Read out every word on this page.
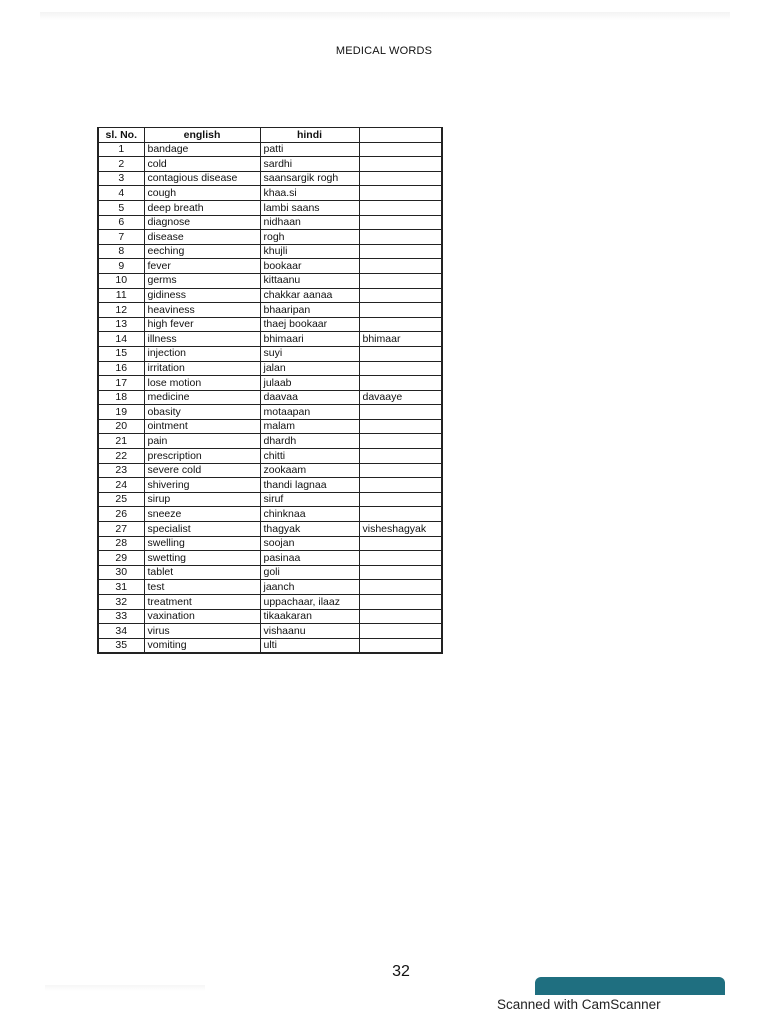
MEDICAL WORDS
sl. No.	english	hindi	
1	bandage	patti	
2	cold	sardhi	
3	contagious disease	saansargik rogh	
4	cough	khaa.si	
5	deep breath	lambi saans	
6	diagnose	nidhaan	
7	disease	rogh	
8	eeching	khujli	
9	fever	bookaar	
10	germs	kittaanu	
11	gidiness	chakkar aanaa	
12	heaviness	bhaaripan	
13	high fever	thaej bookaar	
14	illness	bhimaari	bhimaar
15	injection	suyi	
16	irritation	jalan	
17	lose motion	julaab	
18	medicine	daavaa	davaaye
19	obasity	motaapan	
20	ointment	malam	
21	pain	dhardh	
22	prescription	chitti	
23	severe cold	zookaam	
24	shivering	thandi lagnaa	
25	sirup	siruf	
26	sneeze	chinknaa	
27	specialist	thagyak	visheshagyak
28	swelling	soojan	
29	swetting	pasinaa	
30	tablet	goli	
31	test	jaanch	
32	treatment	uppachaar, ilaaz	
33	vaxination	tikaakaran	
34	virus	vishaanu	
35	vomiting	ulti	
32
Scanned with CamScanner
